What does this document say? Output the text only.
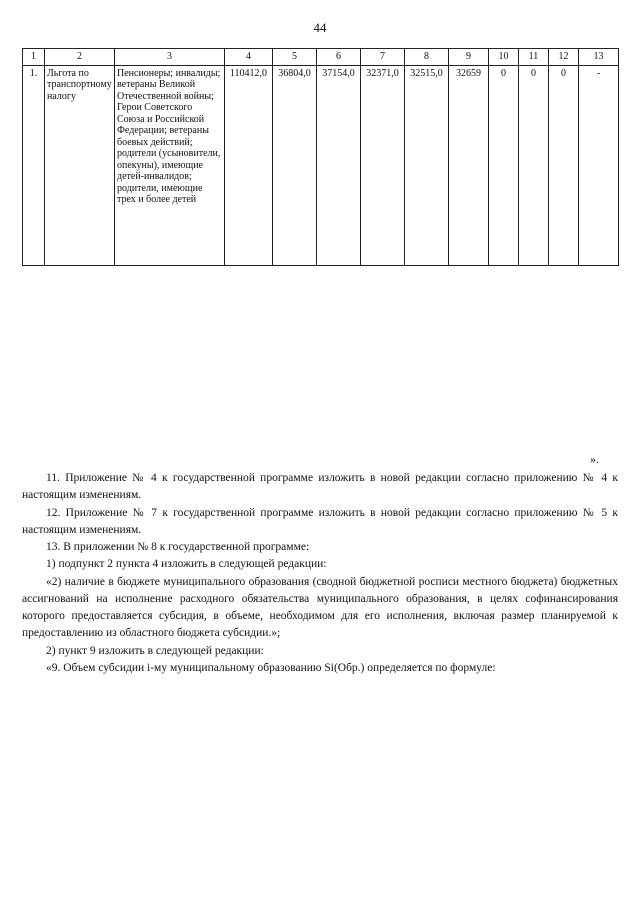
44
1	2	3	4	5	6	7	8	9	10	11	12	13
1.	Льгота по транспортному налогу	Пенсионеры; инвалиды; ветераны Великой Отечественной войны; Герои Советского Союза и Российской Федерации; ветераны боевых действий; родители (усыновители, опекуны), имеющие детей-инвалидов; родители, имеющие трех и более детей	110412,0	36804,0	37154,0	32371,0	32515,0	32659	0	0	0	-
».

11. Приложение № 4 к государственной программе изложить в новой редакции согласно приложению № 4 к настоящим изменениям.

12. Приложение № 7 к государственной программе изложить в новой редакции согласно приложению № 5 к настоящим изменениям.

13. В приложении № 8 к государственной программе:

1) подпункт 2 пункта 4 изложить в следующей редакции:

«2) наличие в бюджете муниципального образования (сводной бюджетной росписи местного бюджета) бюджетных ассигнований на исполнение расходного обязательства муниципального образования, в целях софинансирования которого предоставляется субсидия, в объеме, необходимом для его исполнения, включая размер планируемой к предоставлению из областного бюджета субсидии.»;

2) пункт 9 изложить в следующей редакции:

«9. Объем субсидии i-му муниципальному образованию Si(Обр.) определяется по формуле:
